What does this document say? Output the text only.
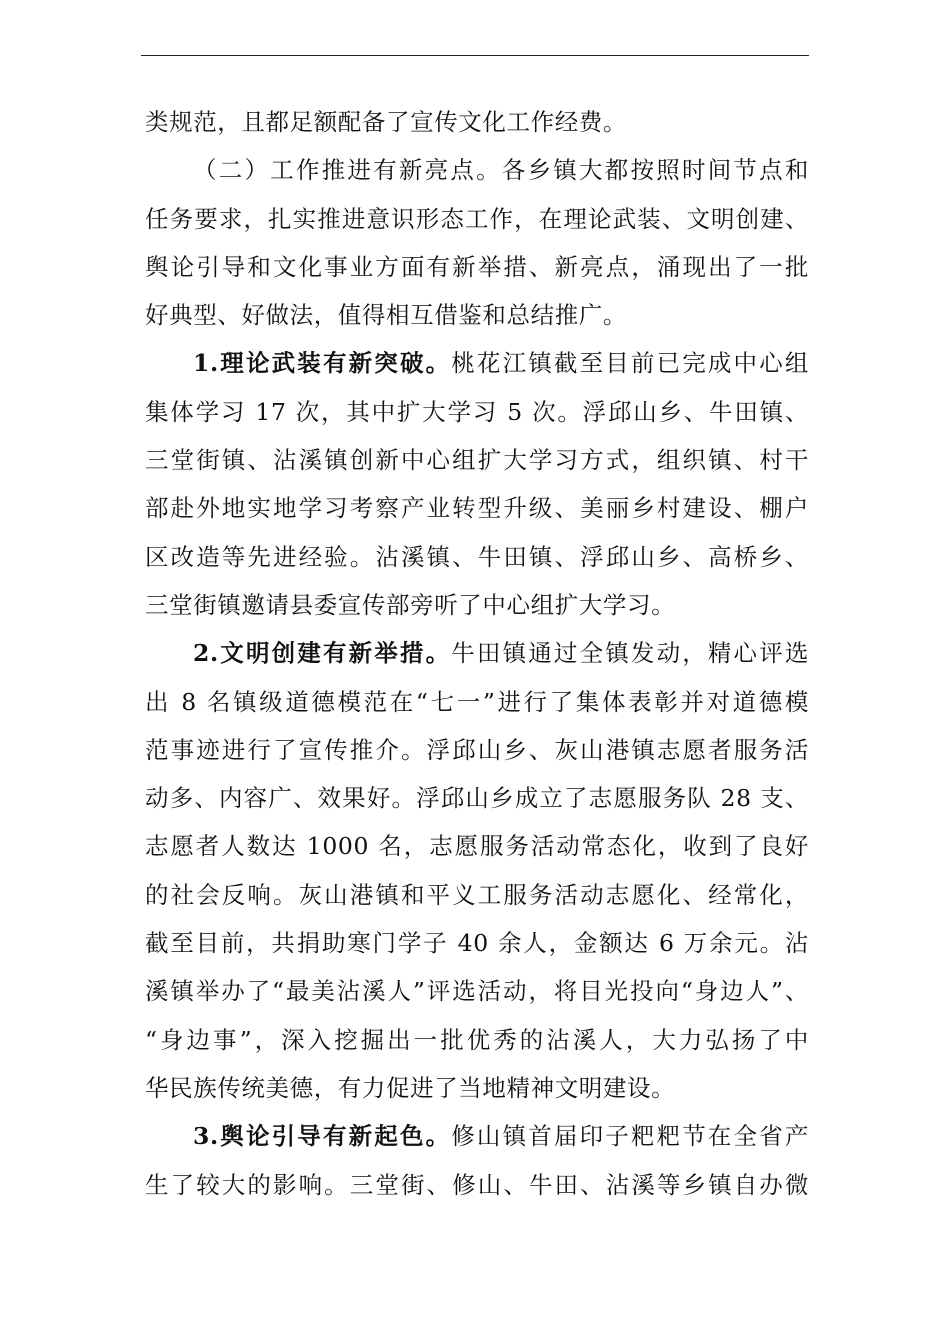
类规范，且都足额配备了宣传文化工作经费。
（二）工作推进有新亮点。各乡镇大都按照时间节点和
任务要求，扎实推进意识形态工作，在理论武装、文明创建、
舆论引导和文化事业方面有新举措、新亮点，涌现出了一批
好典型、好做法，值得相互借鉴和总结推广。
1.理论武装有新突破。桃花江镇截至目前已完成中心组
集体学习 17 次，其中扩大学习 5 次。浮邱山乡、牛田镇、
三堂街镇、沾溪镇创新中心组扩大学习方式，组织镇、村干
部赴外地实地学习考察产业转型升级、美丽乡村建设、棚户
区改造等先进经验。沾溪镇、牛田镇、浮邱山乡、高桥乡、
三堂街镇邀请县委宣传部旁听了中心组扩大学习。
2.文明创建有新举措。牛田镇通过全镇发动，精心评选
出 8 名镇级道德模范在“七一”进行了集体表彰并对道德模
范事迹进行了宣传推介。浮邱山乡、灰山港镇志愿者服务活
动多、内容广、效果好。浮邱山乡成立了志愿服务队 28 支、
志愿者人数达 1000 名，志愿服务活动常态化，收到了良好
的社会反响。灰山港镇和平义工服务活动志愿化、经常化，
截至目前，共捐助寒门学子 40 余人，金额达 6 万余元。沾
溪镇举办了“最美沾溪人”评选活动，将目光投向“身边人”、
“身边事”，深入挖掘出一批优秀的沾溪人，大力弘扬了中
华民族传统美德，有力促进了当地精神文明建设。
3.舆论引导有新起色。修山镇首届印子粑粑节在全省产
生了较大的影响。三堂街、修山、牛田、沾溪等乡镇自办微
